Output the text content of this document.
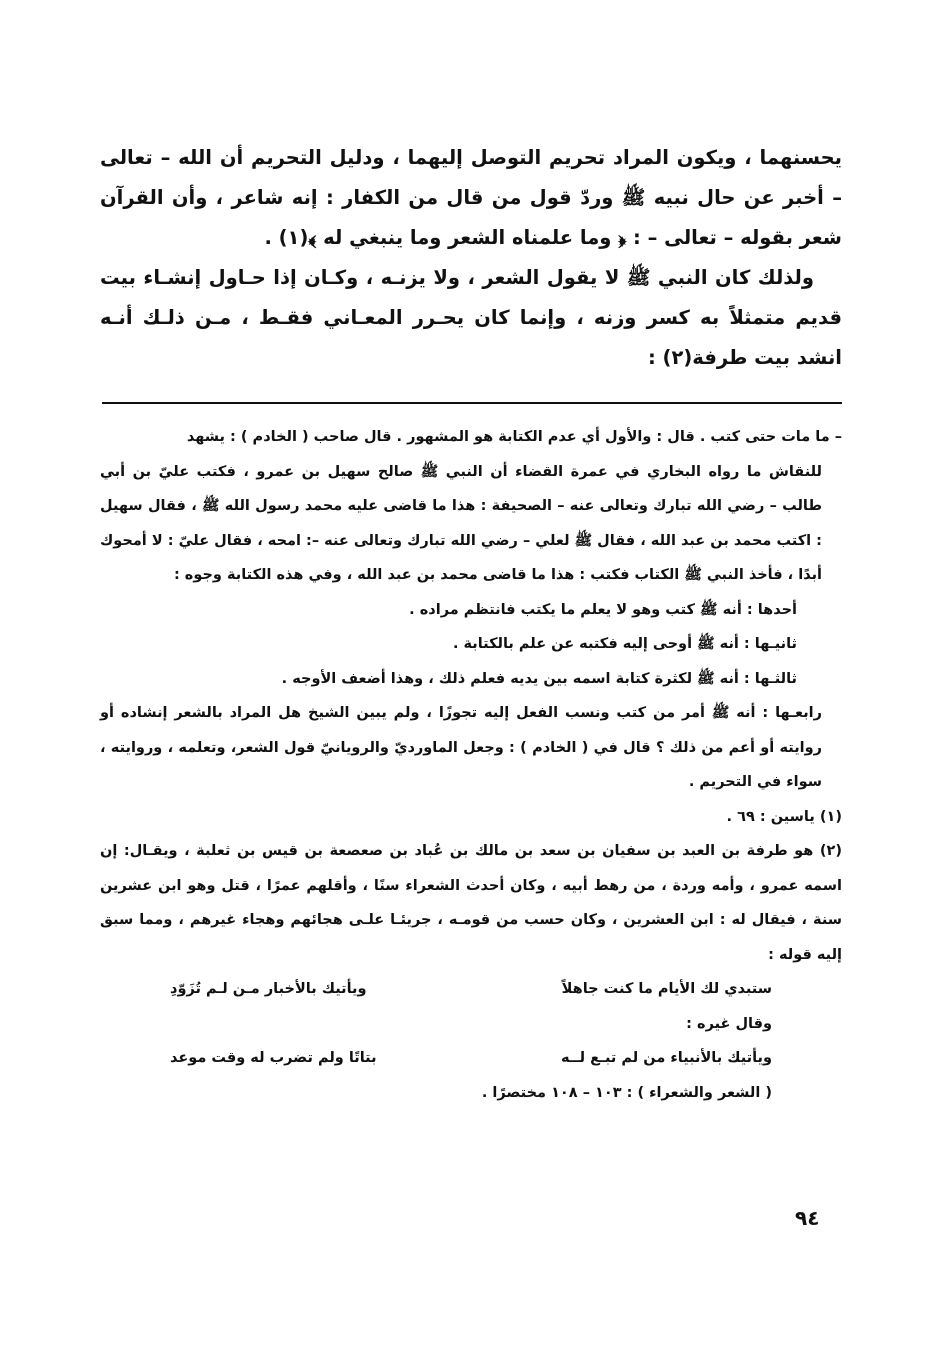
يحسنهما ، ويكون المراد تحريم التوصل إليهما ، ودليل التحريم أن الله – تعالى – أخبر عن حال نبيه ﷺ وردّ قول من قال من الكفار : إنه شاعر ، وأن القرآن شعر بقوله – تعالى – : ﴿ وما علمناه الشعر وما ينبغي له ﴾(١) .

ولذلك كان النبي ﷺ لا يقول الشعر ، ولا يزنـه ، وكـان إذا حـاول إنشـاء بيت قديم متمثلاً به كسر وزنه ، وإنما كان يحـرر المعـاني فقـط ، مـن ذلـك أنـه انشد بيت طرفة(٢) :

– ما مات حتى كتب . قال : والأول أي عدم الكتابة هو المشهور . قال صاحب ( الخادم ) : يشهد

للنقاش ما رواه البخاري في عمرة القضاء أن النبي ﷺ صالح سهيل بن عمرو ، فكتب عليّ بن أبي طالب – رضي الله تبارك وتعالى عنه – الصحيفة : هذا ما قاضى عليه محمد رسول الله ﷺ ، فقال سهيل : اكتب محمد بن عبد الله ، فقال ﷺ لعلي – رضي الله تبارك وتعالى عنه –: امحه ، فقال عليّ : لا أمحوك أبدًا ، فأخذ النبي ﷺ الكتاب فكتب : هذا ما قاضى محمد بن عبد الله ، وفي هذه الكتابة وجوه :

أحدها : أنه ﷺ كتب وهو لا يعلم ما يكتب فانتظم مراده .

ثانيـها : أنه ﷺ أوحى إليه فكتبه عن علم بالكتابة .

ثالثـها : أنه ﷺ لكثرة كتابة اسمه بين يديه فعلم ذلك ، وهذا أضعف الأوجه .

رابعـها : أنه ﷺ أمر من كتب ونسب الفعل إليه تجوزًا ، ولم يبين الشيخ هل المراد بالشعر إنشاده أو روايته أو أعم من ذلك ؟ قال في ( الخادم ) : وجعل الماورديّ والرويانيّ قول الشعر، وتعلمه ، وروايته ، سواء في التحريم .

(١) ياسين : ٦٩ .

(٢) هو طرفة بن العبد بن سفيان بن سعد بن مالك بن عُباد بن صعصعة بن قيس بن ثعلبة ، ويقـال: إن اسمه عمرو ، وأمه وردة ، من رهط أبيه ، وكان أحدث الشعراء سنًا ، وأقلهم عمرًا ، قتل وهو ابن عشرين سنة ، فيقال له : ابن العشرين ، وكان حسب من قومـه ، جريئـا علـى هجائهم وهجاء غيرهم ، ومما سبق إليه قوله :

ستبدي لك الأيام ما كنت جاهلاً
ويأتيك بالأخبار مـن لـم تُزَوّدِ

وقال غيره :

ويأتيك بالأنبياء من لم تبـع لــه
بتاتًا ولم تضرب له وقت موعد

( الشعر والشعراء ) : ١٠٣ – ١٠٨ مختصرًا .

٩٤
